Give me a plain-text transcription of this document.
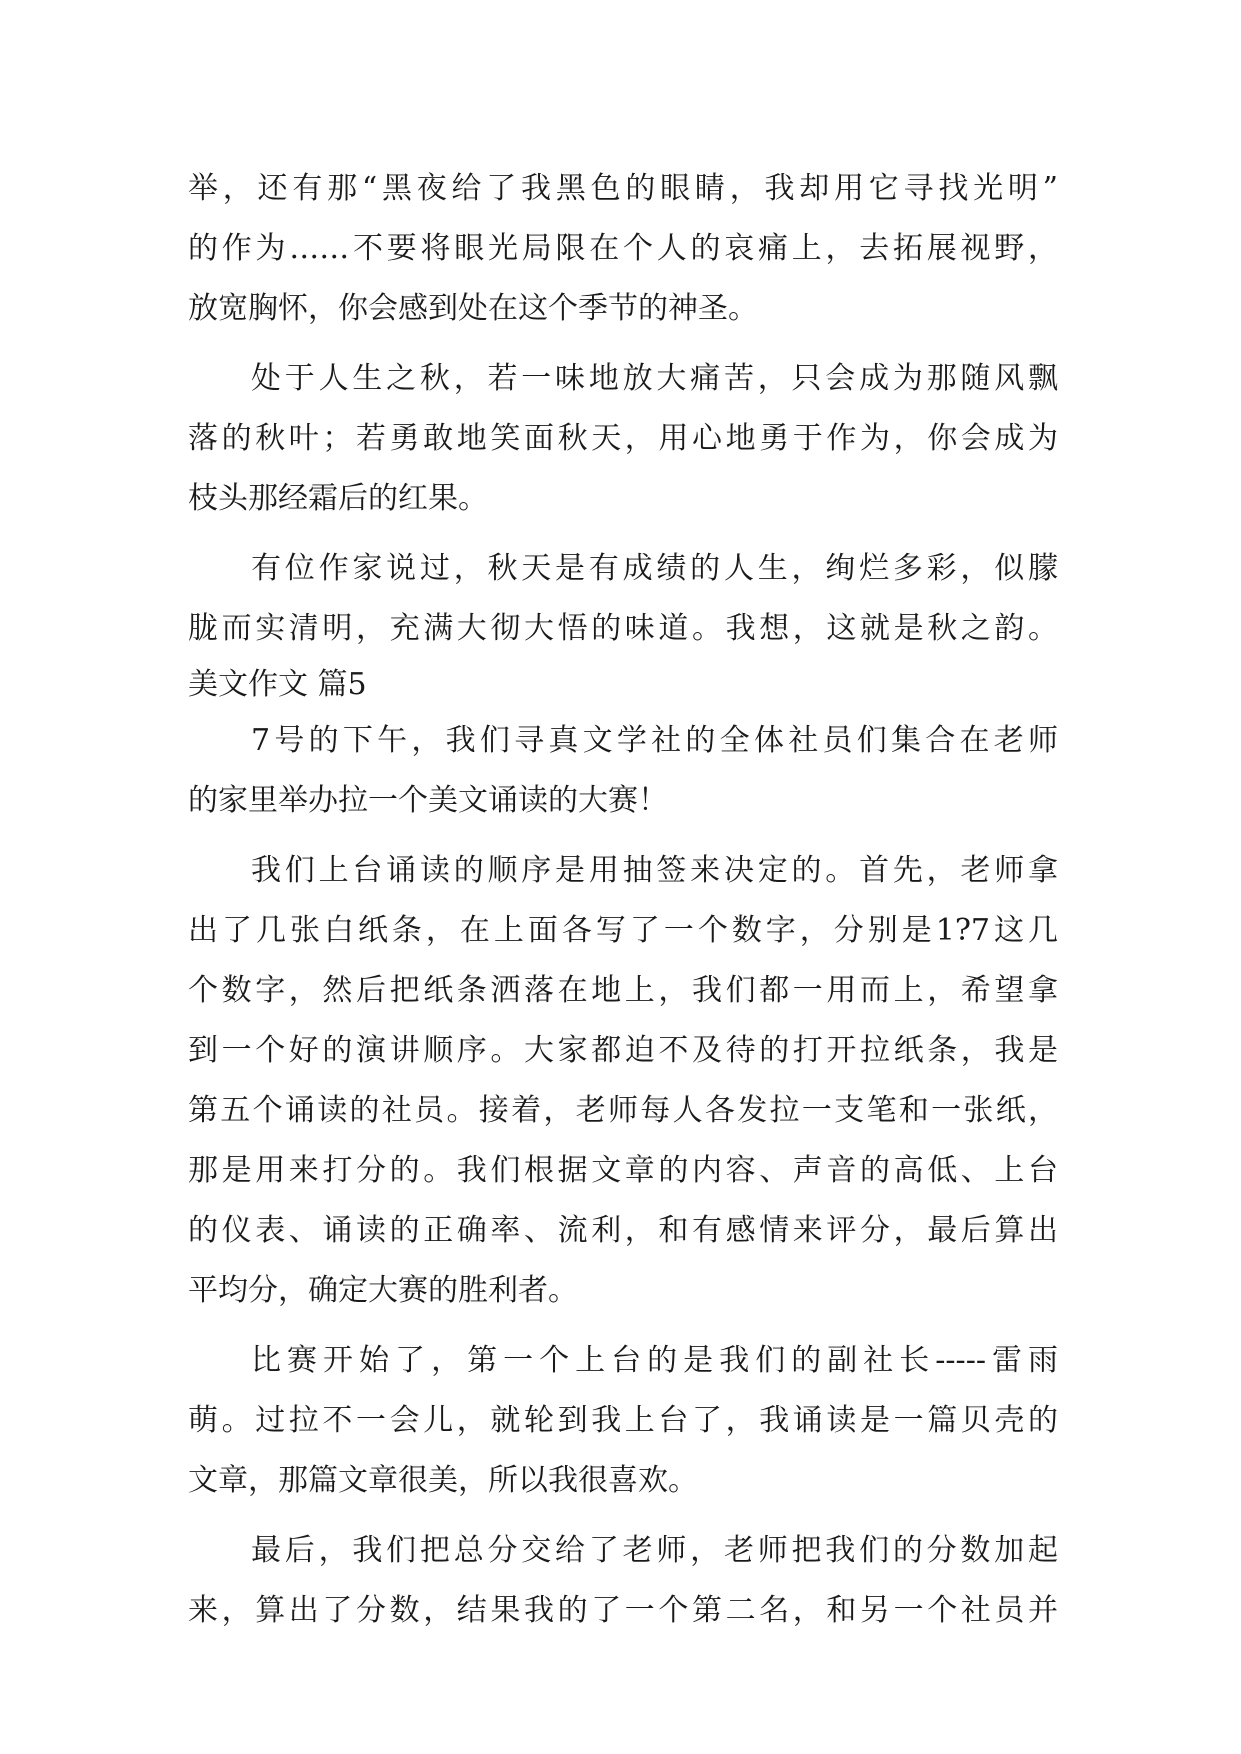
举，还有那“黑夜给了我黑色的眼睛，我却用它寻找光明”
的作为……不要将眼光局限在个人的哀痛上，去拓展视野，
放宽胸怀，你会感到处在这个季节的神圣。
处于人生之秋，若一味地放大痛苦，只会成为那随风飘
落的秋叶；若勇敢地笑面秋天，用心地勇于作为，你会成为
枝头那经霜后的红果。
有位作家说过，秋天是有成绩的人生，绚烂多彩，似朦
胧而实清明，充满大彻大悟的味道。我想，这就是秋之韵。
美文作文 篇5
7号的下午，我们寻真文学社的全体社员们集合在老师
的家里举办拉一个美文诵读的大赛！
我们上台诵读的顺序是用抽签来决定的。首先，老师拿
出了几张白纸条，在上面各写了一个数字，分别是1?7这几
个数字，然后把纸条洒落在地上，我们都一用而上，希望拿
到一个好的演讲顺序。大家都迫不及待的打开拉纸条，我是
第五个诵读的社员。接着，老师每人各发拉一支笔和一张纸，
那是用来打分的。我们根据文章的内容、声音的高低、上台
的仪表、诵读的正确率、流利，和有感情来评分，最后算出
平均分，确定大赛的胜利者。
比赛开始了，第一个上台的是我们的副社长-----雷雨
萌。过拉不一会儿，就轮到我上台了，我诵读是一篇贝壳的
文章，那篇文章很美，所以我很喜欢。
最后，我们把总分交给了老师，老师把我们的分数加起
来，算出了分数，结果我的了一个第二名，和另一个社员并
